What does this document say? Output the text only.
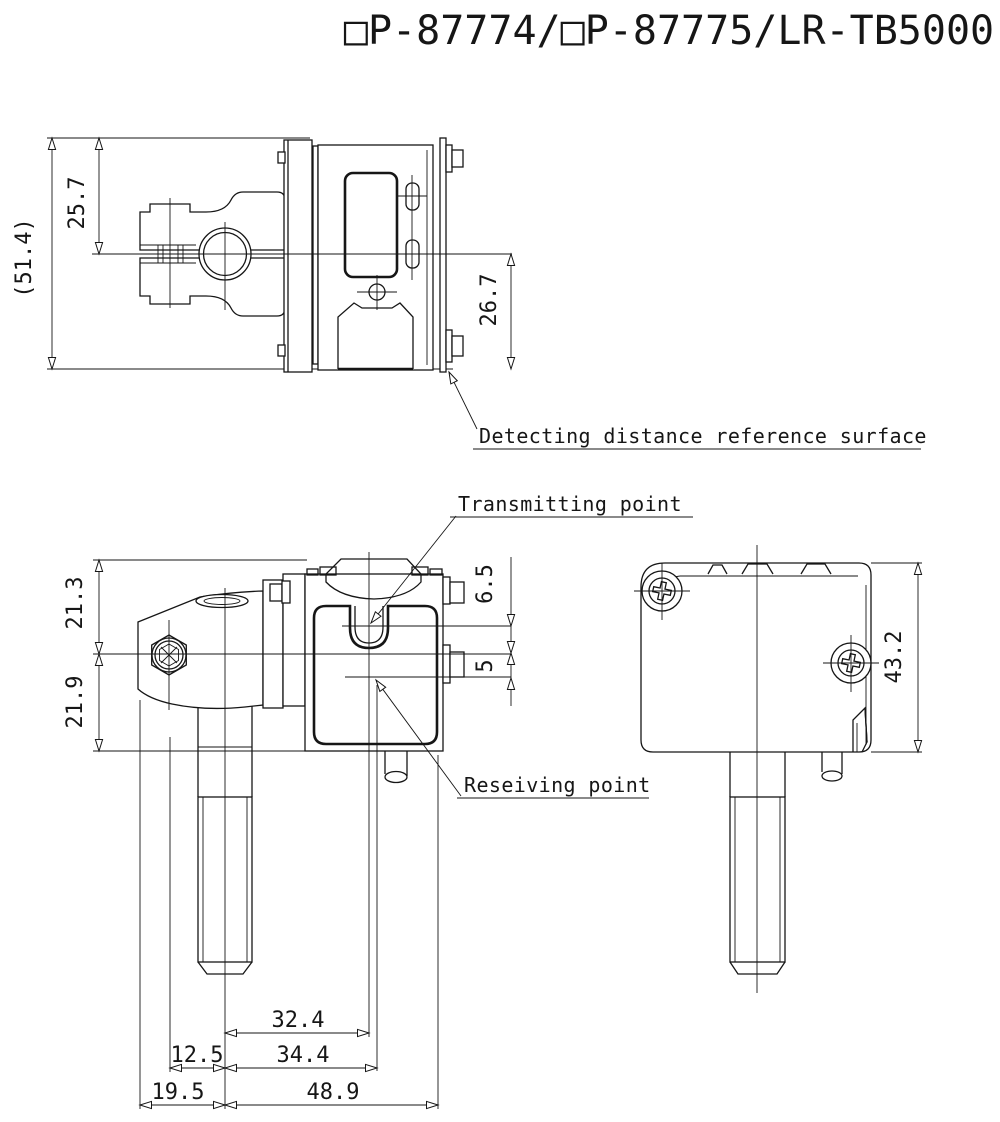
□P-87774/□P-87775/LR-TB5000
(51.4)
25.7
26.7
Detecting distance reference surface
21.3
21.9
6.5
5
Transmitting point
Reseiving point
43.2
32.4
12.5 34.4
19.5	48.9
